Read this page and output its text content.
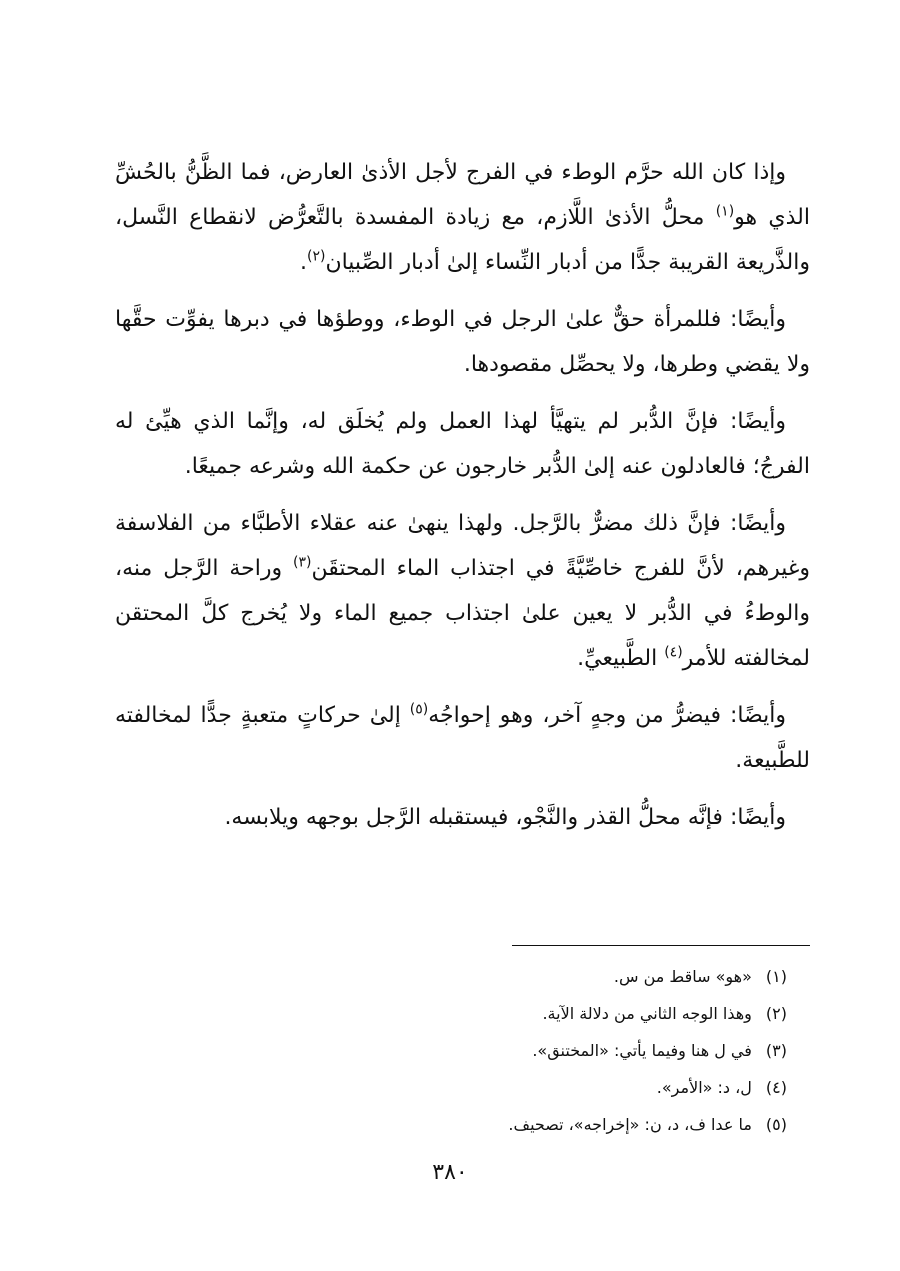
وإذا كان الله حرَّم الوطء في الفرج لأجل الأذىٰ العارض، فما الظَّنُّ بالحُشِّ الذي هو$^{(١)}$ محلُّ الأذىٰ اللَّازم، مع زيادة المفسدة بالتَّعرُّض لانقطاع النَّسل، والذَّريعة القريبة جدًّا من أدبار النِّساء إلىٰ أدبار الصِّبيان$^{(٢)}$.

وأيضًا: فللمرأة حقٌّ علىٰ الرجل في الوطء، ووطؤها في دبرها يفوِّت حقَّها ولا يقضي وطرها، ولا يحصِّل مقصودها.

وأيضًا: فإنَّ الدُّبر لم يتهيَّأ لهذا العمل ولم يُخلَق له، وإنَّما الذي هيِّئ له الفرجُ؛ فالعادلون عنه إلىٰ الدُّبر خارجون عن حكمة الله وشرعه جميعًا.

وأيضًا: فإنَّ ذلك مضرٌّ بالرَّجل. ولهذا ينهىٰ عنه عقلاء الأطبَّاء من الفلاسفة وغيرهم، لأنَّ للفرج خاصِّيَّةً في اجتذاب الماء المحتقَن$^{(٣)}$ وراحة الرَّجل منه، والوطءُ في الدُّبر لا يعين علىٰ اجتذاب جميع الماء ولا يُخرج كلَّ المحتقن لمخالفته للأمر$^{(٤)}$ الطَّبيعيِّ.

وأيضًا: فيضرُّ من وجهٍ آخر، وهو إحواجُه$^{(٥)}$ إلىٰ حركاتٍ متعبةٍ جدًّا لمخالفته للطَّبيعة.

وأيضًا: فإنَّه محلُّ القذر والنَّجْو، فيستقبله الرَّجل بوجهه ويلابسه.

(١)«هو» ساقط من س.
(٢)وهذا الوجه الثاني من دلالة الآية.
(٣)في ل هنا وفيما يأتي: «المختنق».
(٤)ل، د: «الأمر».
(٥)ما عدا ف، د، ن: «إخراجه»، تصحيف.
٣٨٠
